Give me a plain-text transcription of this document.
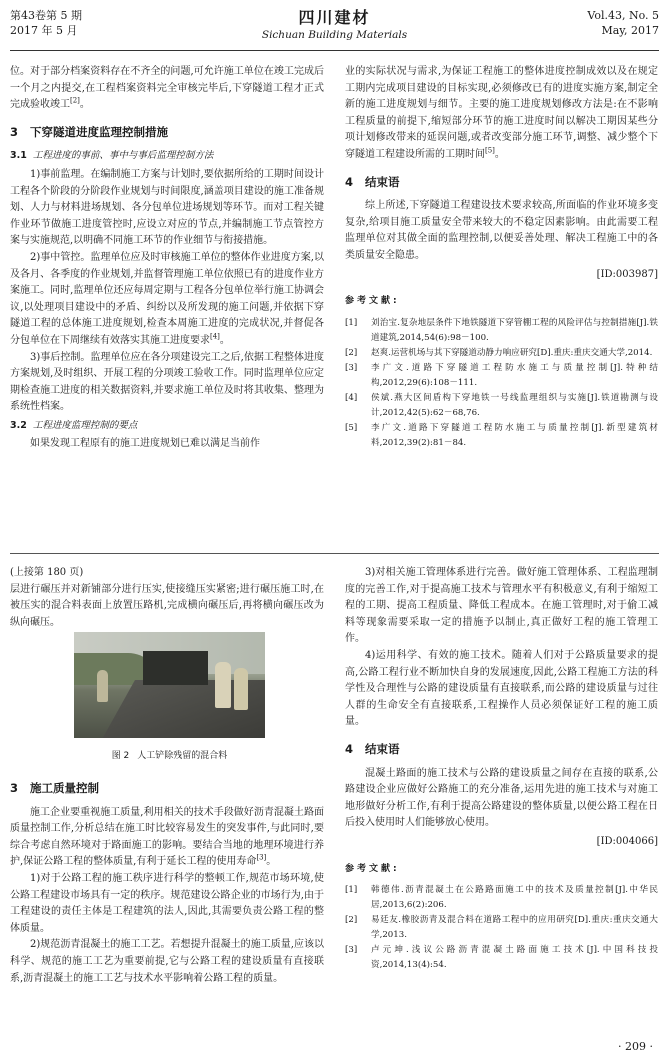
第43卷第 5 期
2017 年 5 月
四川建材
Sichuan Building Materials
Vol.43, No. 5
May, 2017

位。对于部分档案资料存在不齐全的问题,可允许施工单位在竣工完成后一个月之内提交,在工程档案资料完全审核完毕后,下穿隧道工程才正式完成验收竣工[2]。

3 下穿隧道进度监理控制措施
3.1 工程进度的事前、事中与事后监理控制方法

1)事前监理。在编制施工方案与计划时,要依据所给的工期时间设计工程各个阶段的分阶段作业规划与时间限度,涵盖项目建设的施工准备规划、人力与材料进场规划、各分包单位进场规划等环节。而对工程关键作业环节做施工进度管控时,应设立对应的节点,并编制施工节点管控方案与实施规范,以明确不同施工环节的作业细节与衔接措施。

2)事中管控。监理单位应及时审核施工单位的整体作业进度方案,以及各月、各季度的作业规划,并监督管理施工单位依照已有的进度作业方案施工。同时,监理单位还应每周定期与工程各分包单位举行施工协调会议,以处理项目建设中的矛盾、纠纷以及所发现的施工问题,并依据下穿隧道工程的总体施工进度规划,检查本周施工进度的完成状况,并督促各分包单位在下周继续有效落实其施工进度要求[4]。

3)事后控制。监理单位应在各分项建设完工之后,依据工程整体进度方案规划,及时组织、开展工程的分项竣工验收工作。同时监理单位应定期检查施工进度的相关数据资料,并要求施工单位及时将其收集、整理为系统性档案。

3.2 工程进度监理控制的要点

如果发现工程原有的施工进度规划已难以满足当前作

业的实际状况与需求,为保证工程施工的整体进度控制成效以及在规定工期内完成项目建设的目标实现,必须修改已有的进度实施方案,制定全新的施工进度规划与细节。主要的施工进度规划修改方法是:在不影响工程质量的前提下,缩短部分环节的施工进度时间以解决工期因某些分项计划修改带来的延误问题,或者改变部分施工环节,调整、减少整个下穿隧道工程建设所需的工期时间[5]。

4 结束语

综上所述,下穿隧道工程建设技术要求较高,所面临的作业环境多变复杂,给项目施工质量安全带来较大的不稳定因素影响。由此需要工程监理单位对其做全面的监理控制,以便妥善处理、解决工程施工中的各类质量安全隐患。

[ID:003987]
参考文献:
[1]	刘治宝.复杂地层条件下地铁隧道下穿管棚工程的风险评估与控制措施[J].铁道建筑,2014,54(6):98－100.
[2]	赵爽.运营机场与其下穿隧道动静力响应研究[D].重庆:重庆交通大学,2014.
[3]	李广文.道路下穿隧道工程防水施工与质量控制[J].特种结构,2012,29(6):108－111.
[4]	侯斌.燕大区间盾构下穿地铁一号线监理组织与实施[J].铁道勘测与设计,2012,42(5):62－68,76.
[5]	李广文.道路下穿隧道工程防水施工与质量控制[J].新型建筑材料,2012,39(2):81－84.

(上接第 180 页)

层进行碾压并对新铺部分进行压实,使接缝压实紧密;进行碾压施工时,在被压实的混合料表面上放置压路机,完成横向碾压后,再将横向碾压改为纵向碾压。

图 2 人工铲除残留的混合料
3 施工质量控制

施工企业要重视施工质量,利用相关的技术手段做好沥青混凝土路面质量控制工作,分析总结在施工时比较容易发生的突发事件,与此同时,要综合考虑自然环境对于路面施工的影响。要结合当地的地理环境进行养护,保证公路工程的整体质量,有利于延长工程的使用寿命[3]。

1)对于公路工程的施工秩序进行科学的整顿工作,规范市场环境,使公路工程建设市场具有一定的秩序。规范建设公路企业的市场行为,由于工程建设的责任主体是工程建筑的法人,因此,其需要负责公路工程的整体质量。

2)规范沥青混凝土的施工工艺。若想提升混凝土的施工质量,应该以科学、规范的施工工艺为重要前提,它与公路工程的建设质量有直接联系,沥青混凝土的施工工艺与技术水平影响着公路工程的质量。

3)对相关施工管理体系进行完善。做好施工管理体系、工程监理制度的完善工作,对于提高施工技术与管理水平有积极意义,有利于缩短工程的工期、提高工程质量、降低工程成本。在施工管理时,对于偷工减料等现象需要采取一定的措施予以制止,真正做好工程的施工管理工作。

4)运用科学、有效的施工技术。随着人们对于公路质量要求的提高,公路工程行业不断加快自身的发展速度,因此,公路工程施工方法的科学性及合理性与公路的建设质量有直接联系,而公路的建设质量与过往人群的生命安全有直接联系,工程操作人员必须保证好工程的施工质量。

4 结束语

混凝土路面的施工技术与公路的建设质量之间存在直接的联系,公路建设企业应做好公路施工的充分准备,运用先进的施工技术与对施工地形做好分析工作,有利于提高公路建设的整体质量,以便公路工程在日后投入使用时人们能够放心使用。

[ID:004066]
参考文献:
[1]	韩德伟.沥青混凝土在公路路面施工中的技术及质量控制[J].中华民居,2013,6(2):206.
[2]	易廷友.橡胶沥青及混合料在道路工程中的应用研究[D].重庆:重庆交通大学,2013.
[3]	卢元坤.浅议公路沥青混凝土路面施工技术[J].中国科技投资,2014,13(4):54.
· 209 ·
